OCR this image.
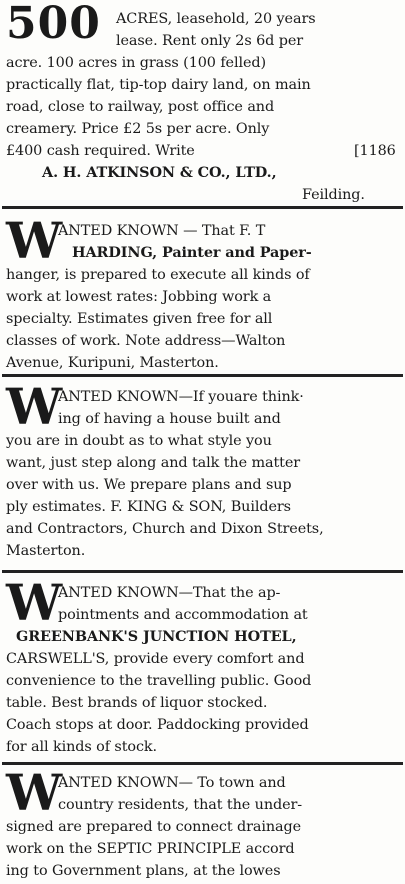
500 ACRES, leasehold, 20 years
lease. Rent only 2s 6d per
acre. 100 acres in grass (100 felled)
practically flat, tip-top dairy land, on main
road, close to railway, post office and
creamery. Price £2 5s per acre. Only
£400 cash required. Write	[1186
A. H. ATKINSON & CO., LTD.,
Feilding.
W
ANTED KNOWN — That F. T
HARDING, Painter and Paper-
hanger, is prepared to execute all kinds of
work at lowest rates: Jobbing work a
specialty. Estimates given free for all
classes of work. Note address—Walton
Avenue, Kuripuni, Masterton.
W
ANTED KNOWN—If youare think·
ing of having a house built and
you are in doubt as to what style you
want, just step along and talk the matter
over with us. We prepare plans and sup
ply estimates. F. KING & SON, Builders
and Contractors, Church and Dixon Streets,
Masterton.
W
ANTED KNOWN—That the ap-
pointments and accommodation at
GREENBANK'S JUNCTION HOTEL,
CARSWELL'S, provide every comfort and
convenience to the travelling public. Good
table. Best brands of liquor stocked.
Coach stops at door. Paddocking provided
for all kinds of stock.
W
ANTED KNOWN— To town and
country residents, that the under-
signed are prepared to connect drainage
work on the SEPTIC PRINCIPLE accord
ing to Government plans, at the lowes
